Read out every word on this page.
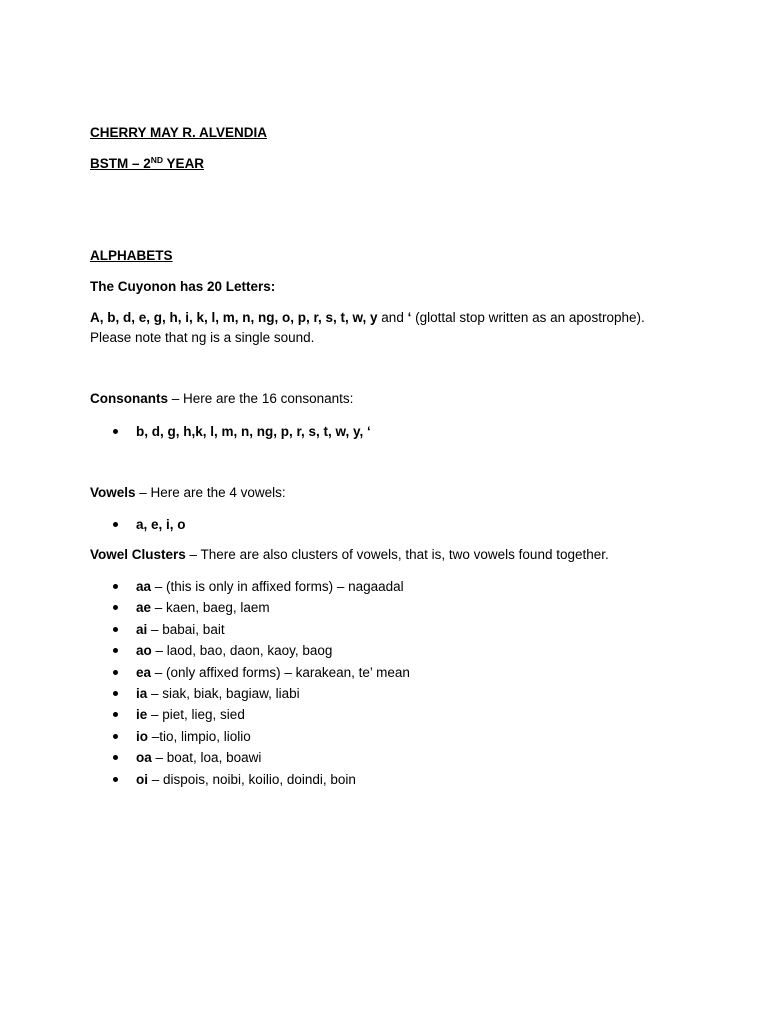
CHERRY MAY R. ALVENDIA
BSTM – 2ND YEAR
ALPHABETS
The Cuyonon has 20 Letters:
A, b, d, e, g, h, i, k, l, m, n, ng, o, p, r, s, t, w, y and ‘ (glottal stop written as an apostrophe).
Please note that ng is a single sound.
Consonants – Here are the 16 consonants:
b, d, g, h,k, l, m, n, ng, p, r, s, t, w, y, ‘
Vowels – Here are the 4 vowels:
a, e, i, o
Vowel Clusters – There are also clusters of vowels, that is, two vowels found together.
aa – (this is only in affixed forms) – nagaadal
ae – kaen, baeg, laem
ai – babai, bait
ao – laod, bao, daon, kaoy, baog
ea – (only affixed forms) – karakean, te’ mean
ia – siak, biak, bagiaw, liabi
ie – piet, lieg, sied
io –tio, limpio, liolio
oa – boat, loa, boawi
oi – dispois, noibi, koilio, doindi, boin
